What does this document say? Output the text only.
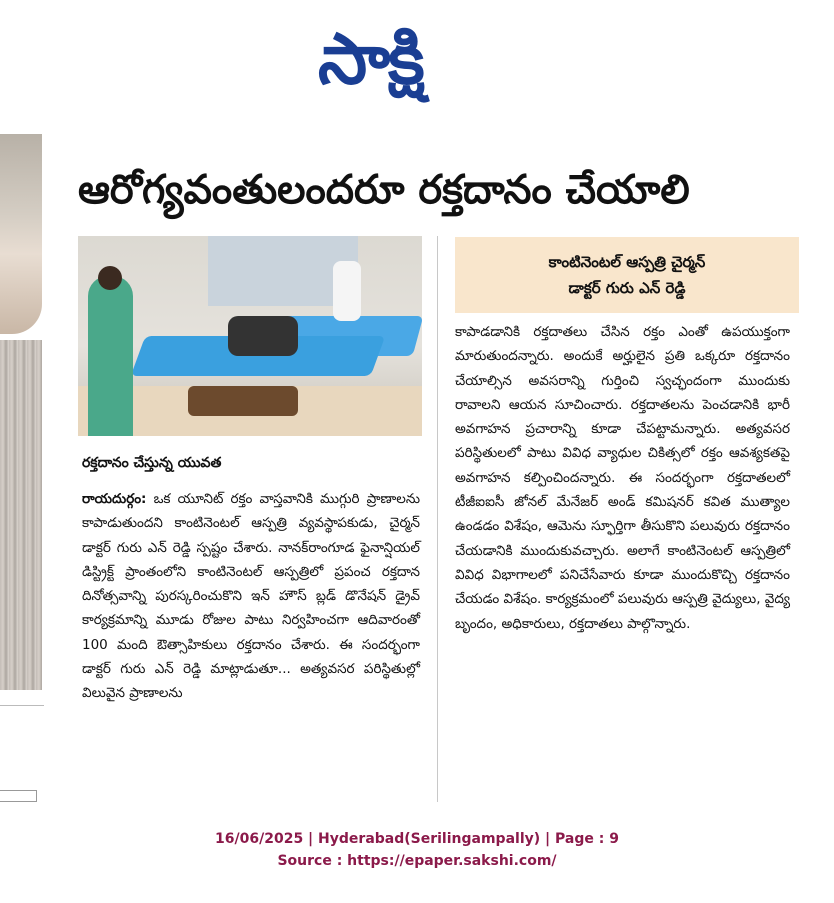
సాక్షి
ఆరోగ్యవంతులందరూ రక్తదానం చేయాలి
రక్తదానం చేస్తున్న యువత

రాయదుర్గం: ఒక యూనిట్ రక్తం వాస్తవానికి ముగ్గురి ప్రాణాలను కాపాడుతుందని కాంటినెంటల్ ఆస్పత్రి వ్యవస్థాపకుడు, చైర్మన్ డాక్టర్ గురు ఎన్ రెడ్డి స్పష్టం చేశారు. నానక్‌రాంగూడ ఫైనాన్షియల్ డిస్ట్రిక్ట్ ప్రాంతంలోని కాంటినెంటల్ ఆస్పత్రిలో ప్రపంచ రక్తదాన దినోత్సవాన్ని పురస్కరించుకొని ఇన్ హౌస్ బ్లడ్ డొనేషన్ డ్రైవ్ కార్యక్రమాన్ని మూడు రోజుల పాటు నిర్వహించగా ఆదివారంతో 100 మంది ఔత్సాహికులు రక్తదానం చేశారు. ఈ సందర్భంగా డాక్టర్ గురు ఎన్ రెడ్డి మాట్లాడుతూ... అత్యవసర పరిస్థితుల్లో విలువైన ప్రాణాలను

కాంటినెంటల్ ఆస్పత్రి చైర్మన్
డాక్టర్ గురు ఎన్ రెడ్డి

కాపాడడానికి రక్తదాతలు చేసిన రక్తం ఎంతో ఉపయుక్తంగా మారుతుందన్నారు. అందుకే అర్హులైన ప్రతి ఒక్కరూ రక్తదానం చేయాల్సిన అవసరాన్ని గుర్తించి స్వచ్ఛందంగా ముందుకు రావాలని ఆయన సూచించారు. రక్తదాతలను పెంచడానికి భారీ అవగాహన ప్రచారాన్ని కూడా చేపట్టామన్నారు. అత్యవసర పరిస్థితులలో పాటు వివిధ వ్యాధుల చికిత్సలో రక్తం ఆవశ్యకతపై అవగాహన కల్పించిందన్నారు. ఈ సందర్భంగా రక్తదాతలలో టీజీఐఐసీ జోనల్ మేనేజర్ అండ్ కమిషనర్ కవిత ముత్యాల ఉండడం విశేషం, ఆమెను స్ఫూర్తిగా తీసుకొని పలువురు రక్తదానం చేయడానికి ముందుకువచ్చారు. అలాగే కాంటినెంటల్ ఆస్పత్రిలో వివిధ విభాగాలలో పనిచేసేవారు కూడా ముందుకొచ్చి రక్తదానం చేయడం విశేషం. కార్యక్రమంలో పలువురు ఆస్పత్రి వైద్యులు, వైద్య బృందం, అధికారులు, రక్తదాతలు పాల్గొన్నారు.

16/06/2025 | Hyderabad(Serilingampally) | Page : 9
Source : https://epaper.sakshi.com/
